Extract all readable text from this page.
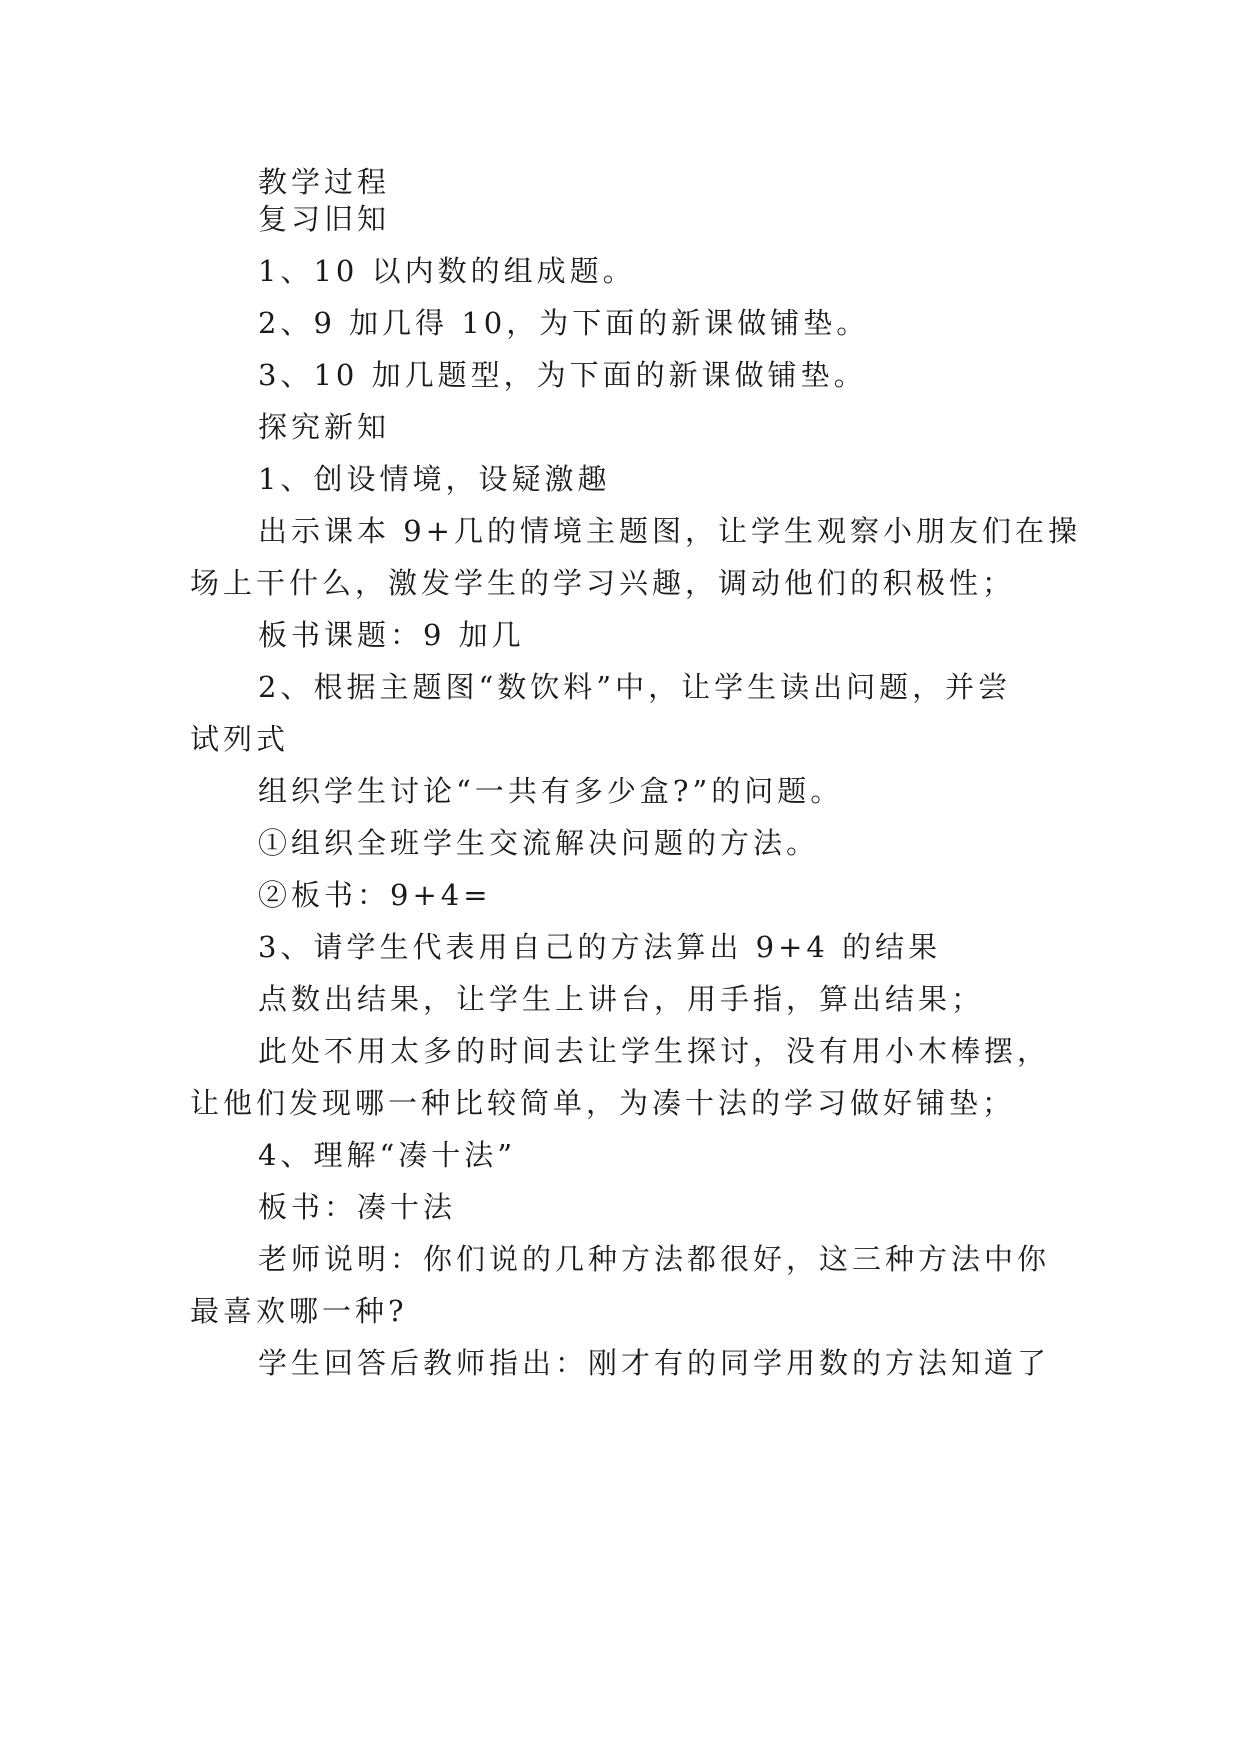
教学过程
复习旧知
1、10 以内数的组成题。
2、9 加几得 10，为下面的新课做铺垫。
3、10 加几题型，为下面的新课做铺垫。
探究新知
1、创设情境，设疑激趣
出示课本 9+几的情境主题图，让学生观察小朋友们在操
场上干什么，激发学生的学习兴趣，调动他们的积极性；
板书课题：9 加几
2、根据主题图“数饮料”中，让学生读出问题，并尝
试列式
组织学生讨论“一共有多少盒?”的问题。
①组织全班学生交流解决问题的方法。
②板书：9+4=
3、请学生代表用自己的方法算出 9+4 的结果
点数出结果，让学生上讲台，用手指，算出结果；
此处不用太多的时间去让学生探讨，没有用小木棒摆，
让他们发现哪一种比较简单，为凑十法的学习做好铺垫；
4、理解“凑十法”
板书：凑十法
老师说明：你们说的几种方法都很好，这三种方法中你
最喜欢哪一种?
学生回答后教师指出：刚才有的同学用数的方法知道了
